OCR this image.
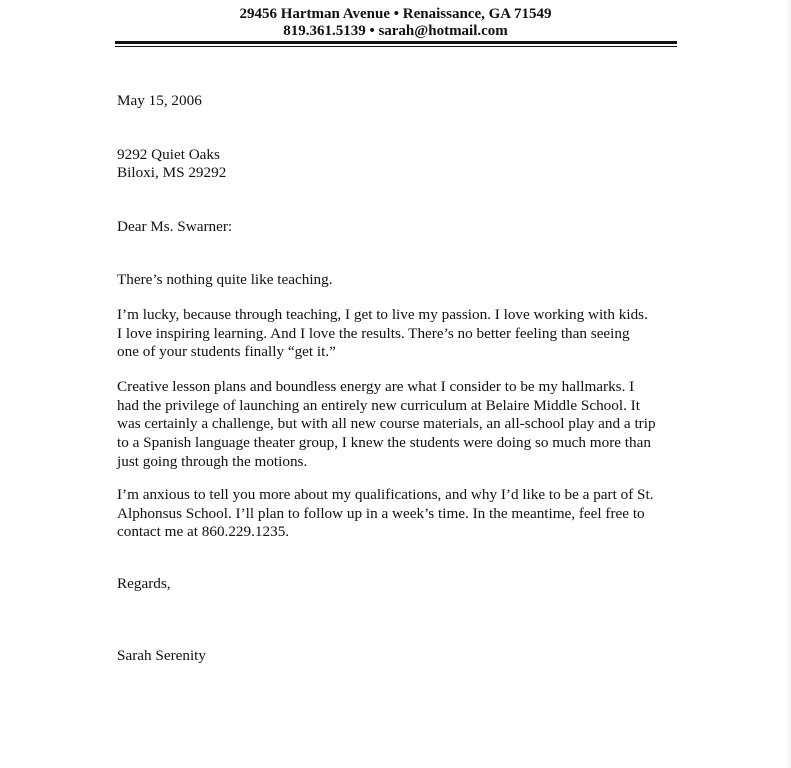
29456 Hartman Avenue • Renaissance, GA 71549
819.361.5139 • sarah@hotmail.com
May 15, 2006
9292 Quiet Oaks
Biloxi, MS 29292
Dear Ms. Swarner:
There’s nothing quite like teaching.
I’m lucky, because through teaching, I get to live my passion. I love working with kids.
I love inspiring learning. And I love the results. There’s no better feeling than seeing
one of your students finally “get it.”
Creative lesson plans and boundless energy are what I consider to be my hallmarks. I
had the privilege of launching an entirely new curriculum at Belaire Middle School. It
was certainly a challenge, but with all new course materials, an all-school play and a trip
to a Spanish language theater group, I knew the students were doing so much more than
just going through the motions.
I’m anxious to tell you more about my qualifications, and why I’d like to be a part of St.
Alphonsus School. I’ll plan to follow up in a week’s time. In the meantime, feel free to
contact me at 860.229.1235.
Regards,
Sarah Serenity
